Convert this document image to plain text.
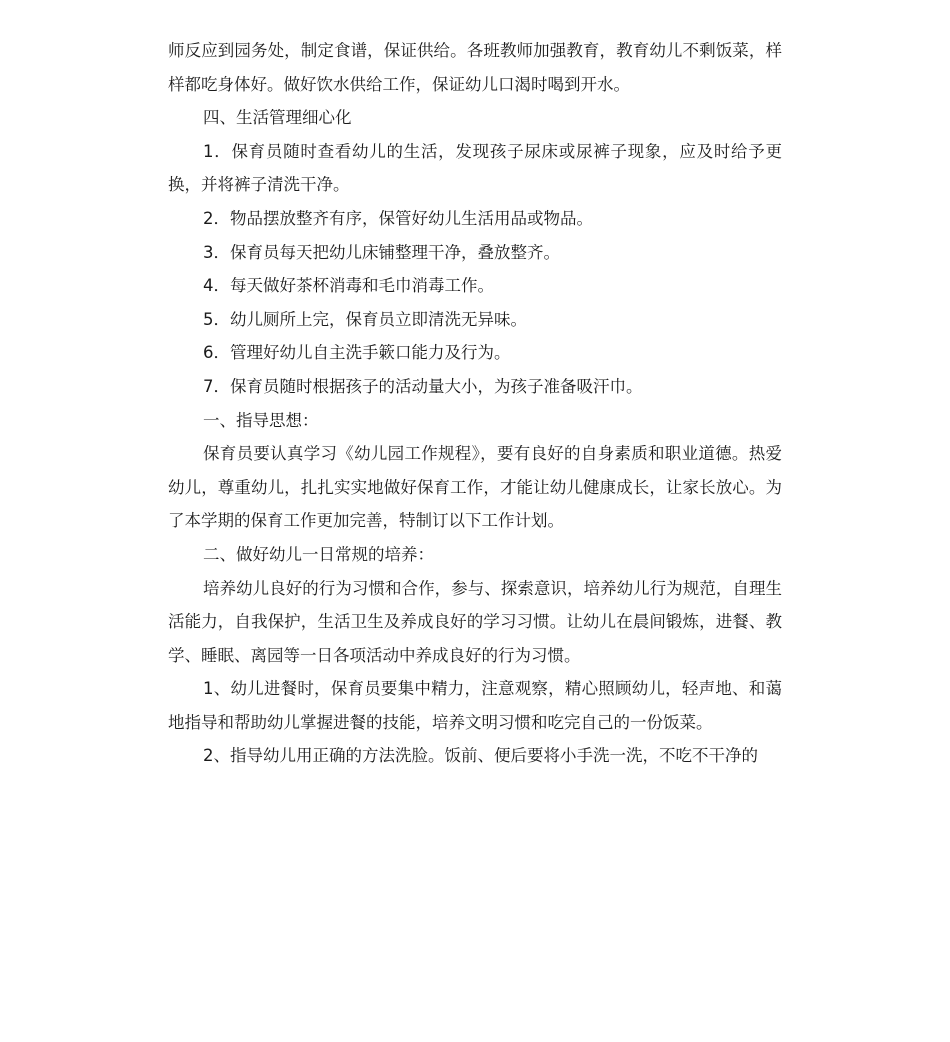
师反应到园务处，制定食谱，保证供给。各班教师加强教育，教育幼儿不剩饭菜，样样都吃身体好。做好饮水供给工作，保证幼儿口渴时喝到开水。

四、生活管理细心化

1．保育员随时查看幼儿的生活，发现孩子尿床或尿裤子现象，应及时给予更换，并将裤子清洗干净。

2．物品摆放整齐有序，保管好幼儿生活用品或物品。

3．保育员每天把幼儿床铺整理干净，叠放整齐。

4．每天做好茶杯消毒和毛巾消毒工作。

5．幼儿厕所上完，保育员立即清洗无异味。

6．管理好幼儿自主洗手簌口能力及行为。

7．保育员随时根据孩子的活动量大小，为孩子准备吸汗巾。

一、指导思想：

保育员要认真学习《幼儿园工作规程》，要有良好的自身素质和职业道德。热爱幼儿，尊重幼儿，扎扎实实地做好保育工作，才能让幼儿健康成长，让家长放心。为了本学期的保育工作更加完善，特制订以下工作计划。

二、做好幼儿一日常规的培养：

培养幼儿良好的行为习惯和合作，参与、探索意识，培养幼儿行为规范，自理生活能力，自我保护，生活卫生及养成良好的学习习惯。让幼儿在晨间锻炼，进餐、教学、睡眠、离园等一日各项活动中养成良好的行为习惯。

1、幼儿进餐时，保育员要集中精力，注意观察，精心照顾幼儿，轻声地、和蔼地指导和帮助幼儿掌握进餐的技能，培养文明习惯和吃完自己的一份饭菜。

2、指导幼儿用正确的方法洗脸。饭前、便后要将小手洗一洗，不吃不干净的
